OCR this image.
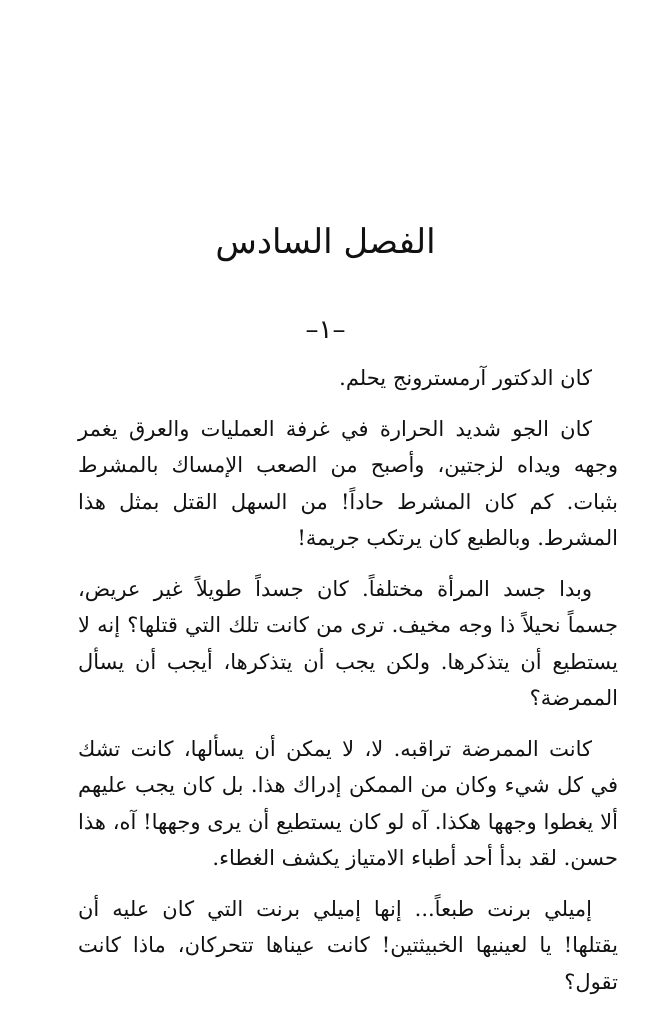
الفصل السادس
–١–

كان الدكتور آرمسترونج يحلم.

كان الجو شديد الحرارة في غرفة العمليات والعرق يغمر وجهه ويداه لزجتين، وأصبح من الصعب الإمساك بالمشرط بثبات. كم كان المشرط حاداً! من السهل القتل بمثل هذا المشرط. وبالطبع كان يرتكب جريمة!

وبدا جسد المرأة مختلفاً. كان جسداً طويلاً غير عريض، جسماً نحيلاً ذا وجه مخيف. ترى من كانت تلك التي قتلها؟ إنه لا يستطيع أن يتذكرها. ولكن يجب أن يتذكرها، أيجب أن يسأل الممرضة؟

كانت الممرضة تراقبه. لا، لا يمكن أن يسألها، كانت تشك في كل شيء وكان من الممكن إدراك هذا. بل كان يجب عليهم ألا يغطوا وجهها هكذا. آه لو كان يستطيع أن يرى وجهها! آه، هذا حسن. لقد بدأ أحد أطباء الامتياز يكشف الغطاء.

إميلي برنت طبعاً... إنها إميلي برنت التي كان عليه أن يقتلها! يا لعينيها الخبيثتين! كانت عيناها تتحركان، ماذا كانت تقول؟
